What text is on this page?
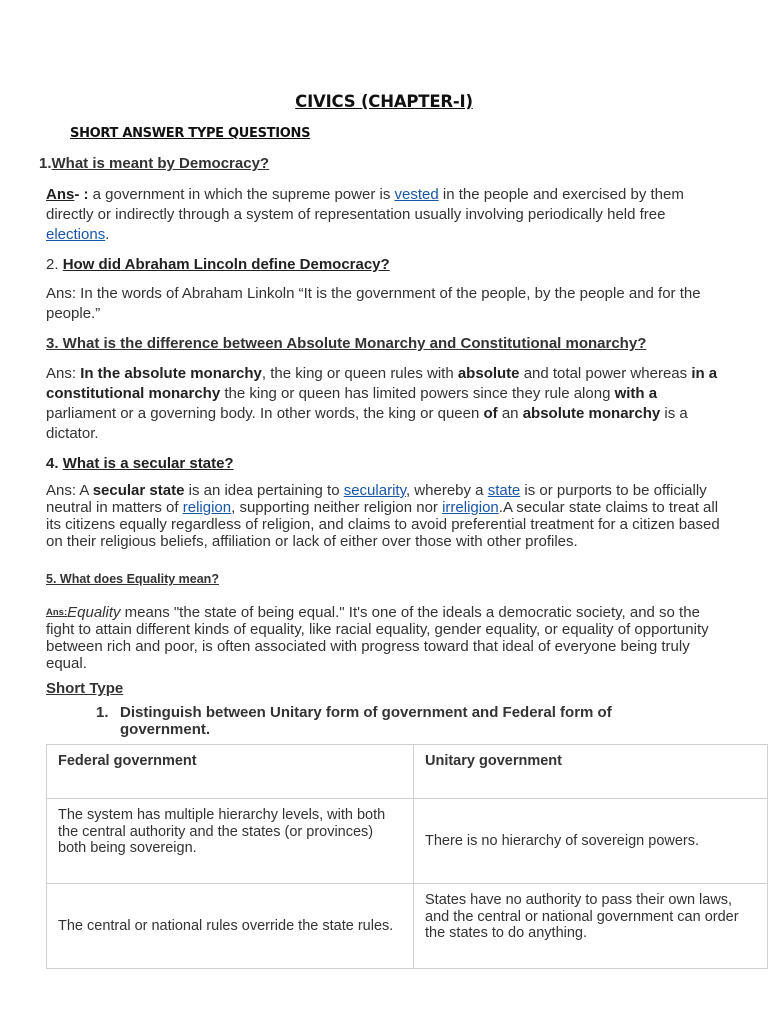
CIVICS (CHAPTER-I)
SHORT ANSWER TYPE QUESTIONS
1.What is meant by Democracy?
Ans- : a government in which the supreme power is vested in the people and exercised by them directly or indirectly through a system of representation usually involving periodically held free elections.
2. How did Abraham Lincoln define Democracy?
Ans: In the words of Abraham Linkoln “It is the government of the people, by the people and for the people.”
3. What is the difference between Absolute Monarchy and Constitutional monarchy?
Ans: In the absolute monarchy, the king or queen rules with absolute and total power whereas in a constitutional monarchy the king or queen has limited powers since they rule along with a parliament or a governing body. In other words, the king or queen of an absolute monarchy is a dictator.
4. What is a secular state?
Ans: A secular state is an idea pertaining to secularity, whereby a state is or purports to be officially neutral in matters of religion, supporting neither religion nor irreligion.A secular state claims to treat all its citizens equally regardless of religion, and claims to avoid preferential treatment for a citizen based on their religious beliefs, affiliation or lack of either over those with other profiles.
5. What does Equality mean?
$^{Ans:}$Equality means "the state of being equal." It's one of the ideals a democratic society, and so the fight to attain different kinds of equality, like racial equality, gender equality, or equality of opportunity between rich and poor, is often associated with progress toward that ideal of everyone being truly equal.
Short Type
1. Distinguish between Unitary form of government and Federal form of government.
Federal government	Unitary government
The system has multiple hierarchy levels, with both the central authority and the states (or provinces) both being sovereign.	There is no hierarchy of sovereign powers.
The central or national rules override the state rules.	States have no authority to pass their own laws, and the central or national government can order the states to do anything.
